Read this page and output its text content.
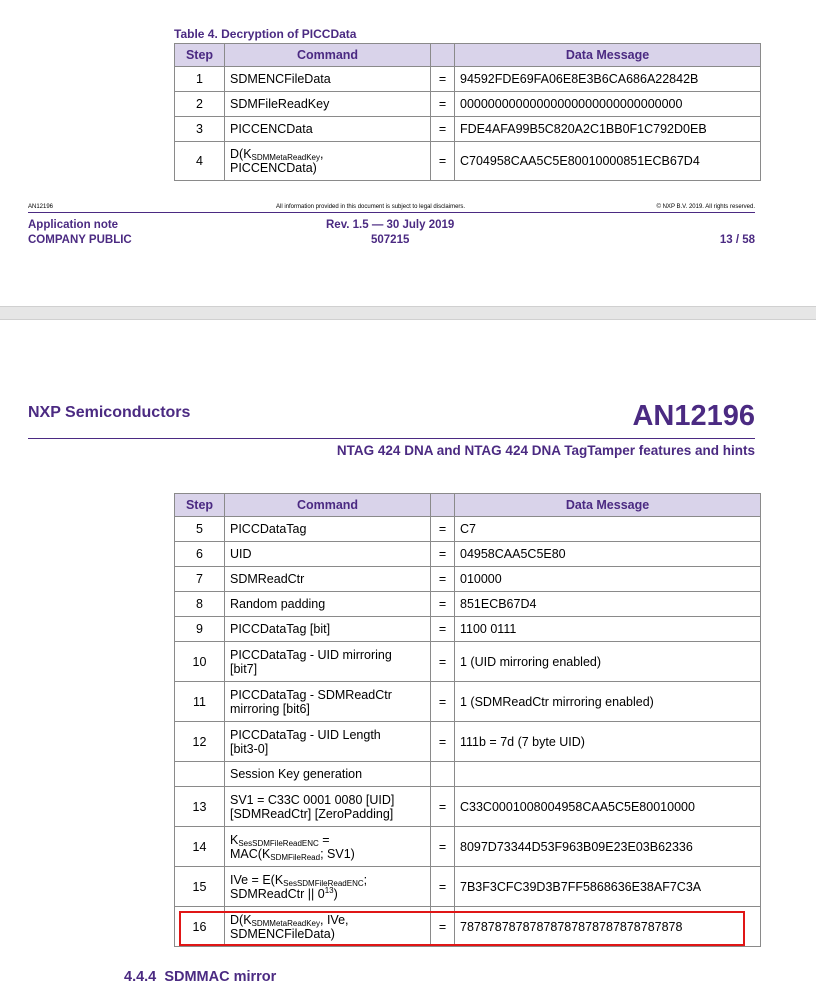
Table 4. Decryption of PICCData
Step	Command		Data Message
1	SDMENCFileData	=	94592FDE69FA06E8E3B6CA686A22842B
2	SDMFileReadKey	=	00000000000000000000000000000000
3	PICCENCData	=	FDE4AFA99B5C820A2C1BB0F1C792D0EB
4	$D(K_{SDMMetaReadKey}$,
PICCENCData)	=	C704958CAA5C5E80010000851ECB67D4
AN12196	All information provided in this document is subject to legal disclaimers.	© NXP B.V. 2019. All rights reserved.
Application note
COMPANY PUBLIC
Rev. 1.5 — 30 July 2019
507215	13 / 58
NXP Semiconductors	AN12196
NTAG 424 DNA and NTAG 424 DNA TagTamper features and hints
Step	Command		Data Message
5	PICCDataTag	=	C7
6	UID	=	04958CAA5C5E80
7	SDMReadCtr	=	010000
8	Random padding	=	851ECB67D4
9	PICCDataTag [bit]	=	1100 0111
10	PICCDataTag - UID mirroring
[bit7]	=	1 (UID mirroring enabled)
11	PICCDataTag - SDMReadCtr
mirroring [bit6]	=	1 (SDMReadCtr mirroring enabled)
12	PICCDataTag - UID Length
[bit3-0]	=	111b = 7d (7 byte UID)
	Session Key generation		
13	SV1 = C33C 0001 0080 [UID]
[SDMReadCtr] [ZeroPadding]	=	C33C0001008004958CAA5C5E80010000
14	$K_{SesSDMFileReadENC}$ =
$MAC(K_{SDMFileRead}$; SV1)	=	8097D73344D53F963B09E23E03B62336
15	IVe = $E(K_{SesSDMFileReadENC}$;
SDMReadCtr || $0^{13}$)	=	7B3F3CFC39D3B7FF5868636E38AF7C3A
16	$D(K_{SDMMetaReadKey}$, IVe,
SDMENCFileData)	=	78787878787878787878787878787878
4.4.4 SDMMAC mirror
